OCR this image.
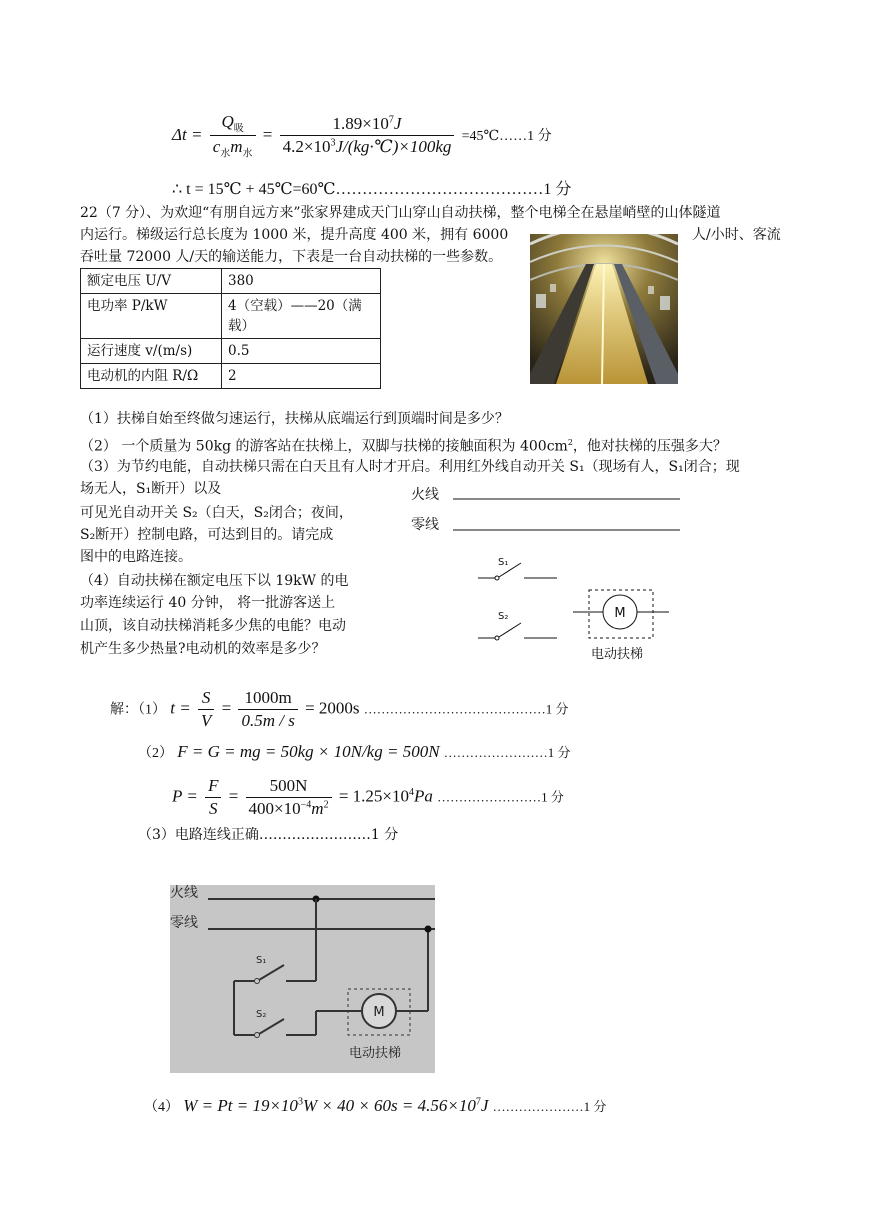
$\Delta t = \frac{Q_吸}{c_水m_水} = \frac{1.89\times 10^7J}{4.2\times 10^3J/(kg\cdot℃)\times 100kg}$ =45℃……1 分
∴ t = 15℃ + 45℃=60℃…………………………………1 分
22（7 分）、为欢迎“有朋自远方来”张家界建成天门山穿山自动扶梯，整个电梯全在悬崖峭壁的山体隧道
内运行。梯级运行总长度为 1000 米，提升高度 400 米，拥有 6000	人/小时、客流
吞吐量 72000 人/天的输送能力，下表是一台自动扶梯的一些参数。
额定电压 U/V	380
电功率 P/kW	4（空载）——20（满载）
运行速度 v/(m/s)	0.5
电动机的内阻 R/Ω	2
（1）扶梯自始至终做匀速运行，扶梯从底端运行到顶端时间是多少？
（2） 一个质量为 50kg 的游客站在扶梯上，双脚与扶梯的接触面积为 $400cm^2$，他对扶梯的压强多大？
（3）为节约电能，自动扶梯只需在白天且有人时才开启。利用红外线自动开关 S₁（现场有人，S₁闭合；现
场无人，S₁断开）以及
可见光自动开关 S₂（白天，S₂闭合；夜间，
S₂断开）控制电路，可达到目的。请完成
图中的电路连接。
（4）自动扶梯在额定电压下以 19kW 的电
功率连续运行 40 分钟， 将一批游客送上
山顶，该自动扶梯消耗多少焦的电能？电动
机产生多少热量?电动机的效率是多少？
火线
零线
S₁
S₂	M
电动扶梯
解：（1） $t = \frac{S}{V} = \frac{1000m}{0.5m / s} = 2000s$ ……………………………………1 分
（2） F = G = mg = 50kg × 10N/kg = 500N ……………………1 分
$P = \frac{F}{S} = \frac{500N}{400\times 10^{-4}m^2} = 1.25\times 10^4Pa$ ……………………1 分
（3）电路连线正确……………………1 分
火线
零线
S₁
S₂	M
电动扶梯
（4） $W = Pt = 19\times 10^3W \times 40 \times 60s = 4.56\times 10^7J$ …………………1 分
